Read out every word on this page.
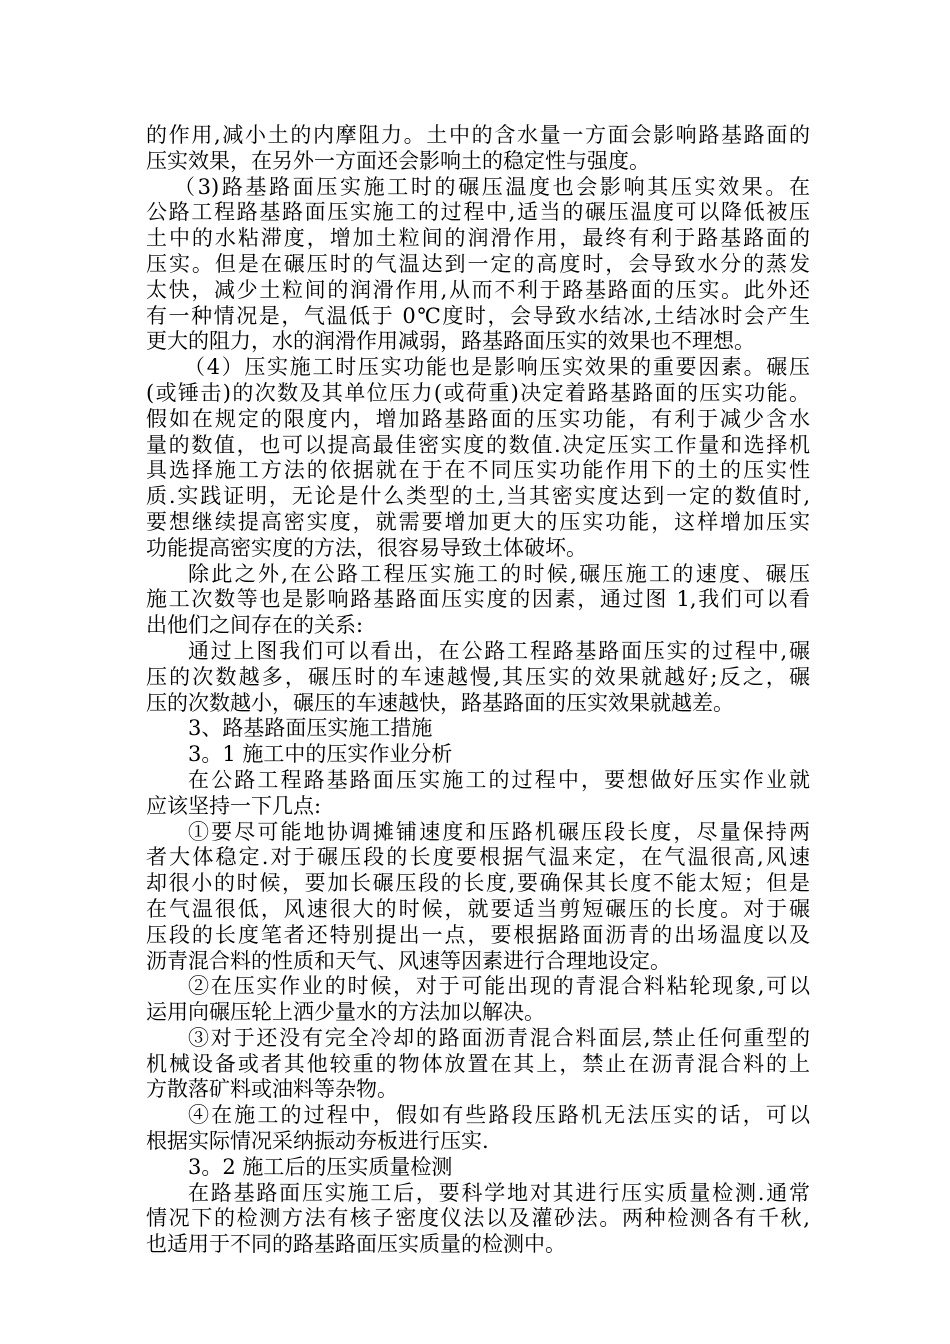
的作用,减小土的内摩阻力。土中的含水量一方面会影响路基路面的
压实效果，在另外一方面还会影响土的稳定性与强度。
（3)路基路面压实施工时的碾压温度也会影响其压实效果。在
公路工程路基路面压实施工的过程中,适当的碾压温度可以降低被压
土中的水粘滞度，增加土粒间的润滑作用，最终有利于路基路面的
压实。但是在碾压时的气温达到一定的高度时，会导致水分的蒸发
太快，减少土粒间的润滑作用,从而不利于路基路面的压实。此外还
有一种情况是，气温低于 0℃度时，会导致水结冰,土结冰时会产生
更大的阻力，水的润滑作用减弱，路基路面压实的效果也不理想。
（4）压实施工时压实功能也是影响压实效果的重要因素。碾压
(或锤击)的次数及其单位压力(或荷重)决定着路基路面的压实功能。
假如在规定的限度内，增加路基路面的压实功能，有利于减少含水
量的数值，也可以提高最佳密实度的数值.决定压实工作量和选择机
具选择施工方法的依据就在于在不同压实功能作用下的土的压实性
质.实践证明，无论是什么类型的土,当其密实度达到一定的数值时,
要想继续提高密实度，就需要增加更大的压实功能，这样增加压实
功能提高密实度的方法，很容易导致土体破坏。
除此之外,在公路工程压实施工的时候,碾压施工的速度、碾压
施工次数等也是影响路基路面压实度的因素，通过图 1,我们可以看
出他们之间存在的关系:
通过上图我们可以看出，在公路工程路基路面压实的过程中,碾
压的次数越多，碾压时的车速越慢,其压实的效果就越好;反之，碾
压的次数越小，碾压的车速越快，路基路面的压实效果就越差。
3、路基路面压实施工措施
3。1 施工中的压实作业分析
在公路工程路基路面压实施工的过程中，要想做好压实作业就
应该坚持一下几点:
①要尽可能地协调摊铺速度和压路机碾压段长度，尽量保持两
者大体稳定.对于碾压段的长度要根据气温来定，在气温很高,风速
却很小的时候，要加长碾压段的长度,要确保其长度不能太短；但是
在气温很低，风速很大的时候，就要适当剪短碾压的长度。对于碾
压段的长度笔者还特别提出一点，要根据路面沥青的出场温度以及
沥青混合料的性质和天气、风速等因素进行合理地设定。
②在压实作业的时候，对于可能出现的青混合料粘轮现象,可以
运用向碾压轮上洒少量水的方法加以解决。
③对于还没有完全冷却的路面沥青混合料面层,禁止任何重型的
机械设备或者其他较重的物体放置在其上，禁止在沥青混合料的上
方散落矿料或油料等杂物。
④在施工的过程中，假如有些路段压路机无法压实的话，可以
根据实际情况采纳振动夯板进行压实.
3。2 施工后的压实质量检测
在路基路面压实施工后，要科学地对其进行压实质量检测.通常
情况下的检测方法有核子密度仪法以及灌砂法。两种检测各有千秋,
也适用于不同的路基路面压实质量的检测中。
